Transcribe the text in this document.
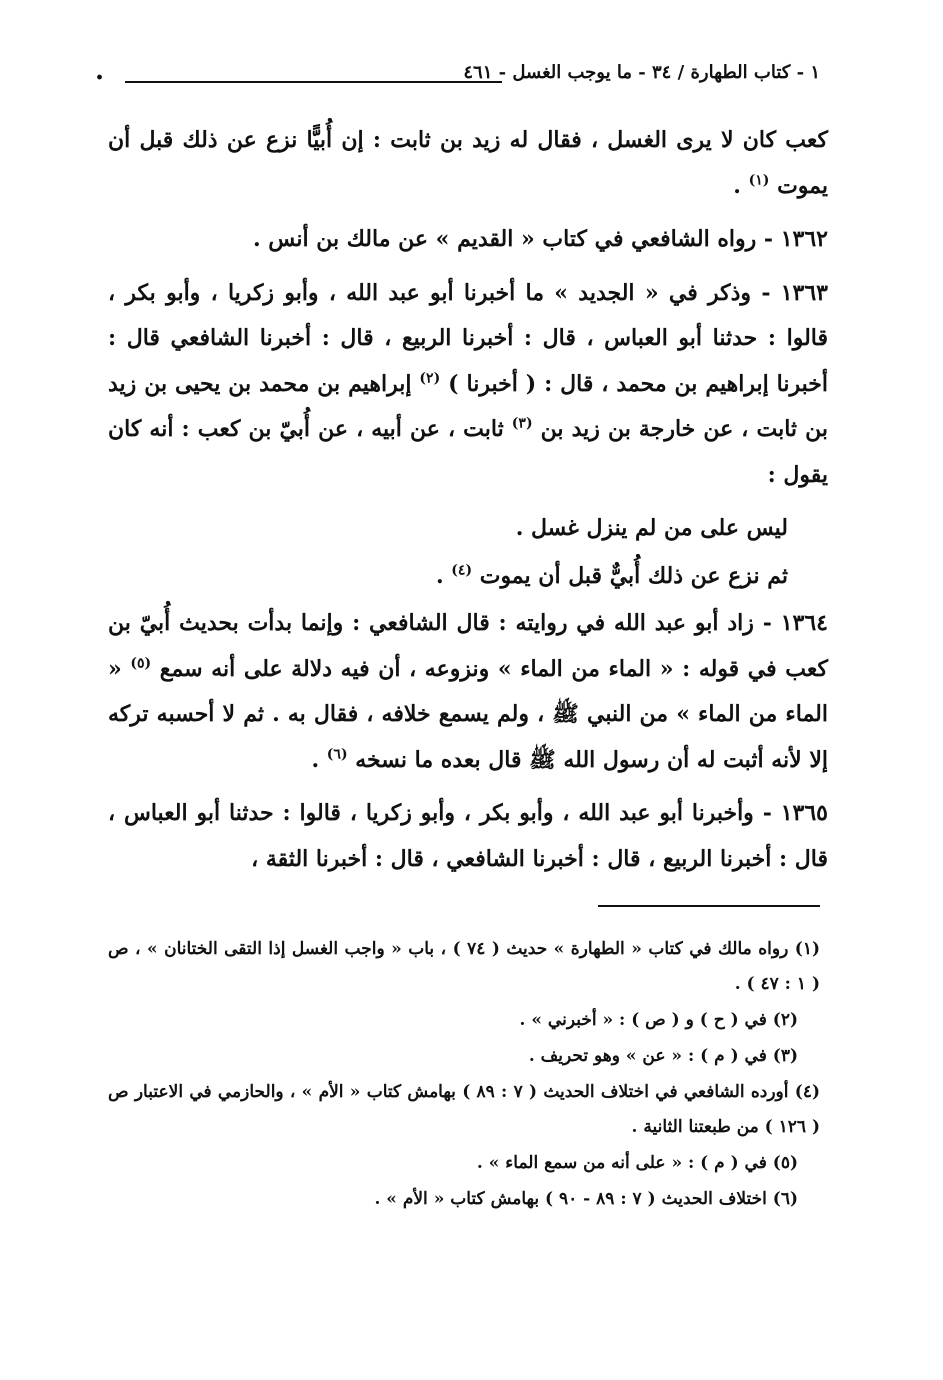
١ - كتاب الطهارة / ٣٤ - ما يوجب الغسل - ٤٦١
.

كعب كان لا يرى الغسل ، فقال له زيد بن ثابت : إن أُبيًّا نزع عن ذلك قبل أن يموت $^{(١)}$ .

١٣٦٢ - رواه الشافعي في كتاب « القديم » عن مالك بن أنس .

١٣٦٣ - وذكر في « الجديد » ما أخبرنا أبو عبد الله ، وأبو زكريا ، وأبو بكر ، قالوا : حدثنا أبو العباس ، قال : أخبرنا الربيع ، قال : أخبرنا الشافعي قال : أخبرنا إبراهيم بن محمد ، قال : ( أخبرنا ) $^{(٢)}$ إبراهيم بن محمد بن يحيى بن زيد بن ثابت ، عن خارجة بن زيد بن $^{(٣)}$ ثابت ، عن أبيه ، عن أُبيّ بن كعب : أنه كان يقول :

ليس على من لم ينزل غسل .

ثم نزع عن ذلك أُبيٌّ قبل أن يموت $^{(٤)}$ .

١٣٦٤ - زاد أبو عبد الله في روايته : قال الشافعي : وإنما بدأت بحديث أُبيّ بن كعب في قوله : « الماء من الماء » ونزوعه ، أن فيه دلالة على أنه سمع $^{(٥)}$ « الماء من الماء » من النبي ﷺ ، ولم يسمع خلافه ، فقال به . ثم لا أحسبه تركه إلا لأنه أثبت له أن رسول الله ﷺ قال بعده ما نسخه $^{(٦)}$ .

١٣٦٥ - وأخبرنا أبو عبد الله ، وأبو بكر ، وأبو زكريا ، قالوا : حدثنا أبو العباس ، قال : أخبرنا الربيع ، قال : أخبرنا الشافعي ، قال : أخبرنا الثقة ،

(١) رواه مالك في كتاب « الطهارة » حديث ( ٧٤ ) ، باب « واجب الغسل إذا التقى الختانان » ، ص ( ١ : ٤٧ ) .

(٢) في ( ح ) و ( ص ) : « أخبرني » .

(٣) في ( م ) : « عن » وهو تحريف .

(٤) أورده الشافعي في اختلاف الحديث ( ٧ : ٨٩ ) بهامش كتاب « الأم » ، والحازمي في الاعتبار ص ( ١٢٦ ) من طبعتنا الثانية .

(٥) في ( م ) : « على أنه من سمع الماء » .

(٦) اختلاف الحديث ( ٧ : ٨٩ - ٩٠ ) بهامش كتاب « الأم » .
